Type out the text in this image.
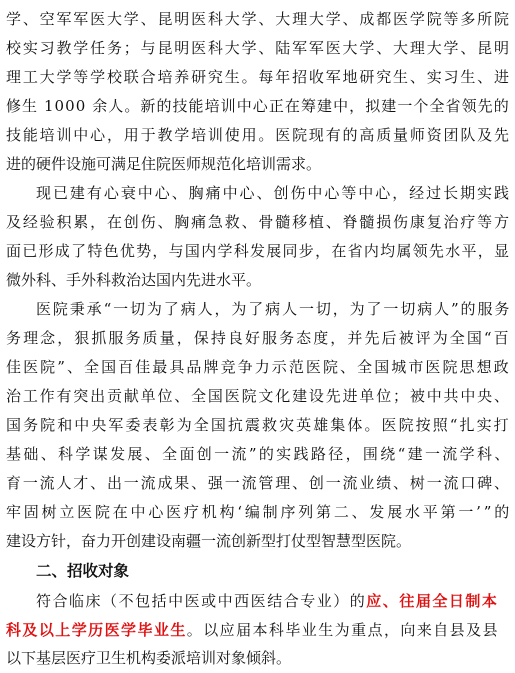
学、空军军医大学、昆明医科大学、大理大学、成都医学院等多所院
校实习教学任务；与昆明医科大学、陆军军医大学、大理大学、昆明
理工大学等学校联合培养研究生。每年招收军地研究生、实习生、进
修生 1000 余人。新的技能培训中心正在筹建中，拟建一个全省领先的
技能培训中心，用于教学培训使用。医院现有的高质量师资团队及先
进的硬件设施可满足住院医师规范化培训需求。
现已建有心衰中心、胸痛中心、创伤中心等中心，经过长期实践
及经验积累，在创伤、胸痛急救、骨髓移植、脊髓损伤康复治疗等方
面已形成了特色优势，与国内学科发展同步，在省内均属领先水平，显
微外科、手外科救治达国内先进水平。
医院秉承“一切为了病人，为了病人一切，为了一切病人”的服务
务理念，狠抓服务质量，保持良好服务态度，并先后被评为全国“百
佳医院”、全国百佳最具品牌竞争力示范医院、全国城市医院思想政
治工作有突出贡献单位、全国医院文化建设先进单位；被中共中央、
国务院和中央军委表彰为全国抗震救灾英雄集体。医院按照“扎实打
基础、科学谋发展、全面创一流”的实践路径，围绕“建一流学科、
育一流人才、出一流成果、强一流管理、创一流业绩、树一流口碑、
牢固树立医院在中心医疗机构‘编制序列第二、发展水平第一’”的
建设方针，奋力开创建设南疆一流创新型打仗型智慧型医院。
二、招收对象
符合临床（不包括中医或中西医结合专业）的应、往届全日制本
科及以上学历医学毕业生。以应届本科毕业生为重点，向来自县及县
以下基层医疗卫生机构委派培训对象倾斜。
